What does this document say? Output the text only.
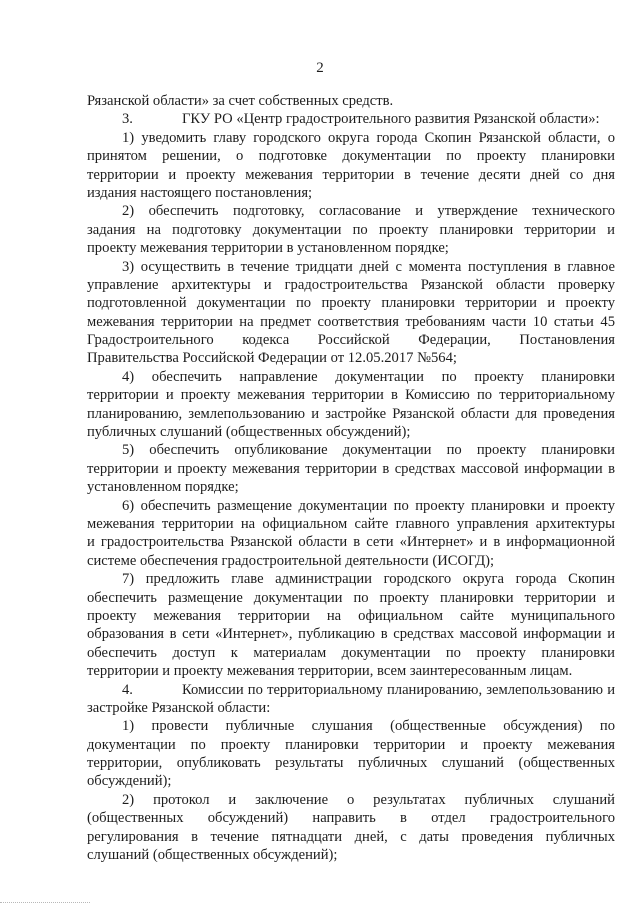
2
Рязанской области» за счет собственных средств.
3.	ГКУ РО «Центр градостроительного развития Рязанской области»:
1) уведомить главу городского округа города Скопин Рязанской области, о
принятом решении, о подготовке документации по проекту планировки
территории и проекту межевания территории в течение десяти дней со дня
издания настоящего постановления;
2) обеспечить подготовку, согласование и утверждение технического
задания на подготовку документации по проекту планировки территории и
проекту межевания территории в установленном порядке;
3) осуществить в течение тридцати дней с момента поступления в главное
управление архитектуры и градостроительства Рязанской области проверку
подготовленной документации по проекту планировки территории и проекту
межевания территории на предмет соответствия требованиям части 10 статьи 45
Градостроительного кодекса Российской Федерации, Постановления
Правительства Российской Федерации от 12.05.2017 №564;
4) обеспечить направление документации по проекту планировки
территории и проекту межевания территории в Комиссию по территориальному
планированию, землепользованию и застройке Рязанской области для проведения
публичных слушаний (общественных обсуждений);
5) обеспечить опубликование документации по проекту планировки
территории и проекту межевания территории в средствах массовой информации в
установленном порядке;
6) обеспечить размещение документации по проекту планировки и проекту
межевания территории на официальном сайте главного управления архитектуры
и градостроительства Рязанской области в сети «Интернет» и в информационной
системе обеспечения градостроительной деятельности (ИСОГД);
7) предложить главе администрации городского округа города Скопин
обеспечить размещение документации по проекту планировки территории и
проекту межевания территории на официальном сайте муниципального
образования в сети «Интернет», публикацию в средствах массовой информации и
обеспечить доступ к материалам документации по проекту планировки
территории и проекту межевания территории, всем заинтересованным лицам.
4.	Комиссии по территориальному планированию, землепользованию и
застройке Рязанской области:
1) провести публичные слушания (общественные обсуждения) по
документации по проекту планировки территории и проекту межевания
территории, опубликовать результаты публичных слушаний (общественных
обсуждений);
2) протокол и заключение о результатах публичных слушаний
(общественных обсуждений) направить в отдел градостроительного
регулирования в течение пятнадцати дней, с даты проведения публичных
слушаний (общественных обсуждений);
